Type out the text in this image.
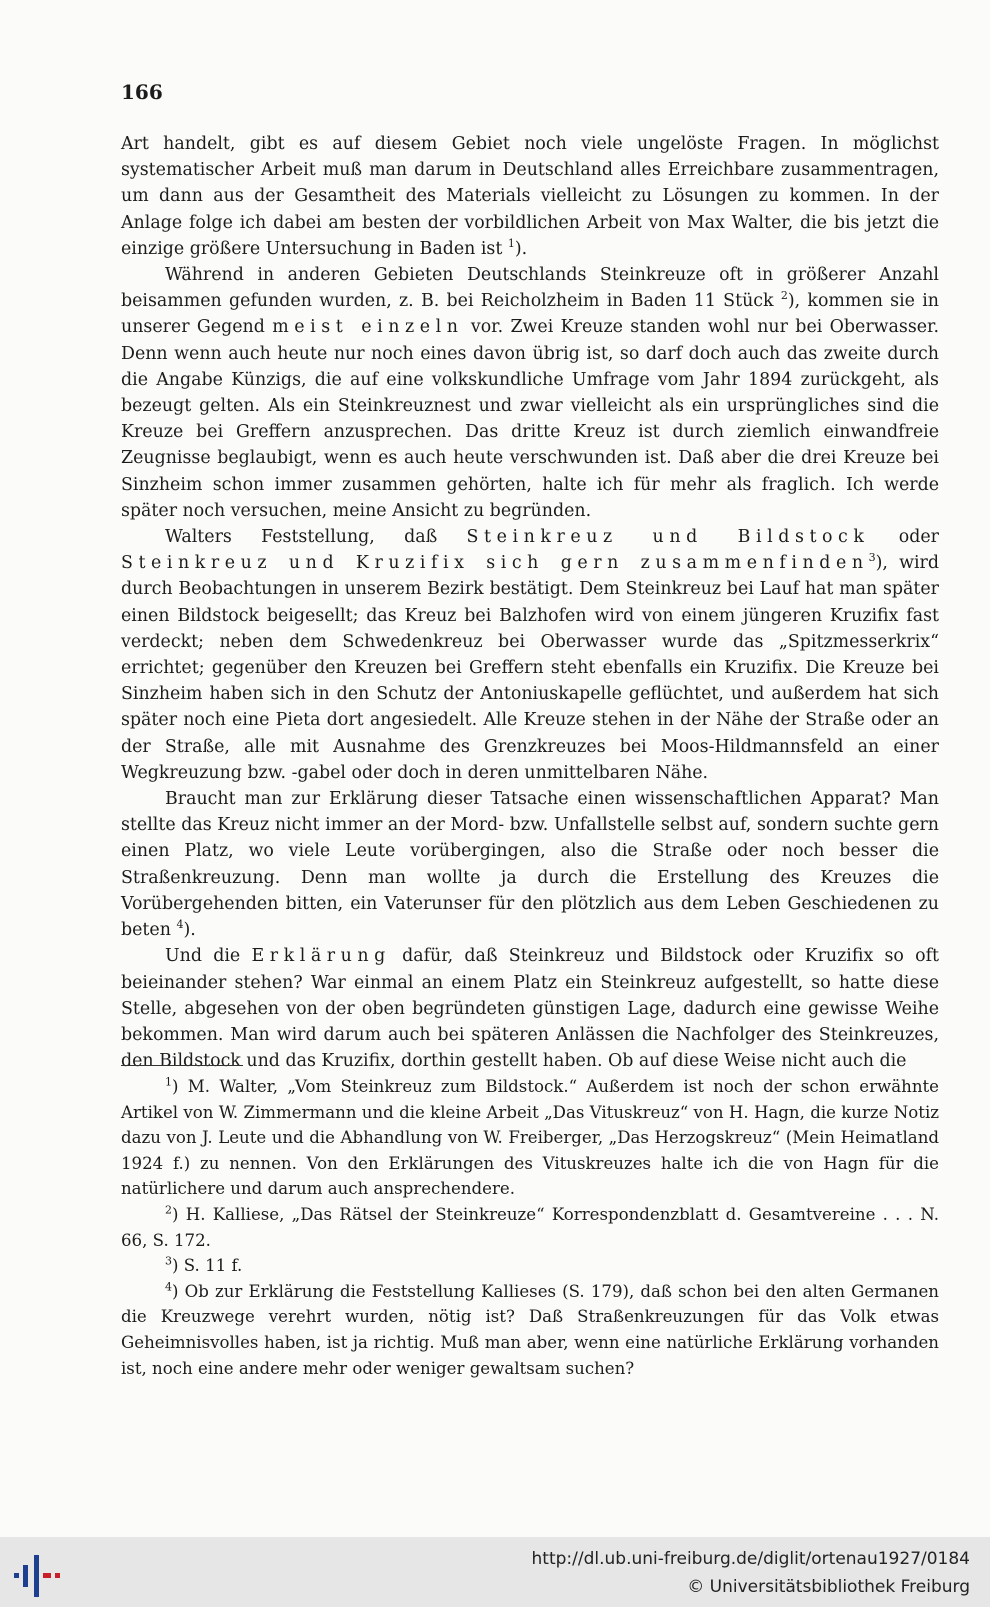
166

Art handelt, gibt es auf diesem Gebiet noch viele ungelöste Fragen. In möglichst systematischer Arbeit muß man darum in Deutschland alles Erreichbare zusammentragen, um dann aus der Gesamtheit des Materials vielleicht zu Lösungen zu kommen. In der Anlage folge ich dabei am besten der vorbildlichen Arbeit von Max Walter, die bis jetzt die einzige größere Untersuchung in Baden ist $^1$).

Während in anderen Gebieten Deutschlands Steinkreuze oft in größerer Anzahl beisammen gefunden wurden, z. B. bei Reicholzheim in Baden 11 Stück $^2$), kommen sie in unserer Gegend meist einzeln vor. Zwei Kreuze standen wohl nur bei Oberwasser. Denn wenn auch heute nur noch eines davon übrig ist, so darf doch auch das zweite durch die Angabe Künzigs, die auf eine volkskundliche Umfrage vom Jahr 1894 zurückgeht, als bezeugt gelten. Als ein Steinkreuznest und zwar vielleicht als ein ursprüngliches sind die Kreuze bei Greffern anzusprechen. Das dritte Kreuz ist durch ziemlich einwandfreie Zeugnisse beglaubigt, wenn es auch heute verschwunden ist. Daß aber die drei Kreuze bei Sinzheim schon immer zusammen gehörten, halte ich für mehr als fraglich. Ich werde später noch versuchen, meine Ansicht zu begründen.

Walters Feststellung, daß Steinkreuz und Bildstock oder Steinkreuz und Kruzifix sich gern zusammenfinden$^3$), wird durch Beobachtungen in unserem Bezirk bestätigt. Dem Steinkreuz bei Lauf hat man später einen Bildstock beigesellt; das Kreuz bei Balzhofen wird von einem jüngeren Kruzifix fast verdeckt; neben dem Schwedenkreuz bei Oberwasser wurde das „Spitzmesserkrix“ errichtet; gegenüber den Kreuzen bei Greffern steht ebenfalls ein Kruzifix. Die Kreuze bei Sinzheim haben sich in den Schutz der Antoniuskapelle geflüchtet, und außerdem hat sich später noch eine Pieta dort angesiedelt. Alle Kreuze stehen in der Nähe der Straße oder an der Straße, alle mit Ausnahme des Grenzkreuzes bei Moos-Hildmannsfeld an einer Wegkreuzung bzw. -gabel oder doch in deren unmittelbaren Nähe.

Braucht man zur Erklärung dieser Tatsache einen wissenschaftlichen Apparat? Man stellte das Kreuz nicht immer an der Mord- bzw. Unfallstelle selbst auf, sondern suchte gern einen Platz, wo viele Leute vorübergingen, also die Straße oder noch besser die Straßenkreuzung. Denn man wollte ja durch die Erstellung des Kreuzes die Vorübergehenden bitten, ein Vaterunser für den plötzlich aus dem Leben Geschiedenen zu beten $^4$).

Und die Erklärung dafür, daß Steinkreuz und Bildstock oder Kruzifix so oft beieinander stehen? War einmal an einem Platz ein Steinkreuz aufgestellt, so hatte diese Stelle, abgesehen von der oben begründeten günstigen Lage, dadurch eine gewisse Weihe bekommen. Man wird darum auch bei späteren Anlässen die Nachfolger des Steinkreuzes, den Bildstock und das Kruzifix, dorthin gestellt haben. Ob auf diese Weise nicht auch die

$^1$) M. Walter, „Vom Steinkreuz zum Bildstock.“ Außerdem ist noch der schon erwähnte Artikel von W. Zimmermann und die kleine Arbeit „Das Vituskreuz“ von H. Hagn, die kurze Notiz dazu von J. Leute und die Abhandlung von W. Freiberger, „Das Herzogskreuz“ (Mein Heimatland 1924 f.) zu nennen. Von den Erklärungen des Vituskreuzes halte ich die von Hagn für die natürlichere und darum auch ansprechendere.

$^2$) H. Kalliese, „Das Rätsel der Steinkreuze“ Korrespondenzblatt d. Gesamtvereine . . . N. 66, S. 172.

$^3$) S. 11 f.

$^4$) Ob zur Erklärung die Feststellung Kallieses (S. 179), daß schon bei den alten Germanen die Kreuzwege verehrt wurden, nötig ist? Daß Straßenkreuzungen für das Volk etwas Geheimnisvolles haben, ist ja richtig. Muß man aber, wenn eine natürliche Erklärung vorhanden ist, noch eine andere mehr oder weniger gewaltsam suchen?

http://dl.ub.uni-freiburg.de/diglit/ortenau1927/0184
© Universitätsbibliothek Freiburg
